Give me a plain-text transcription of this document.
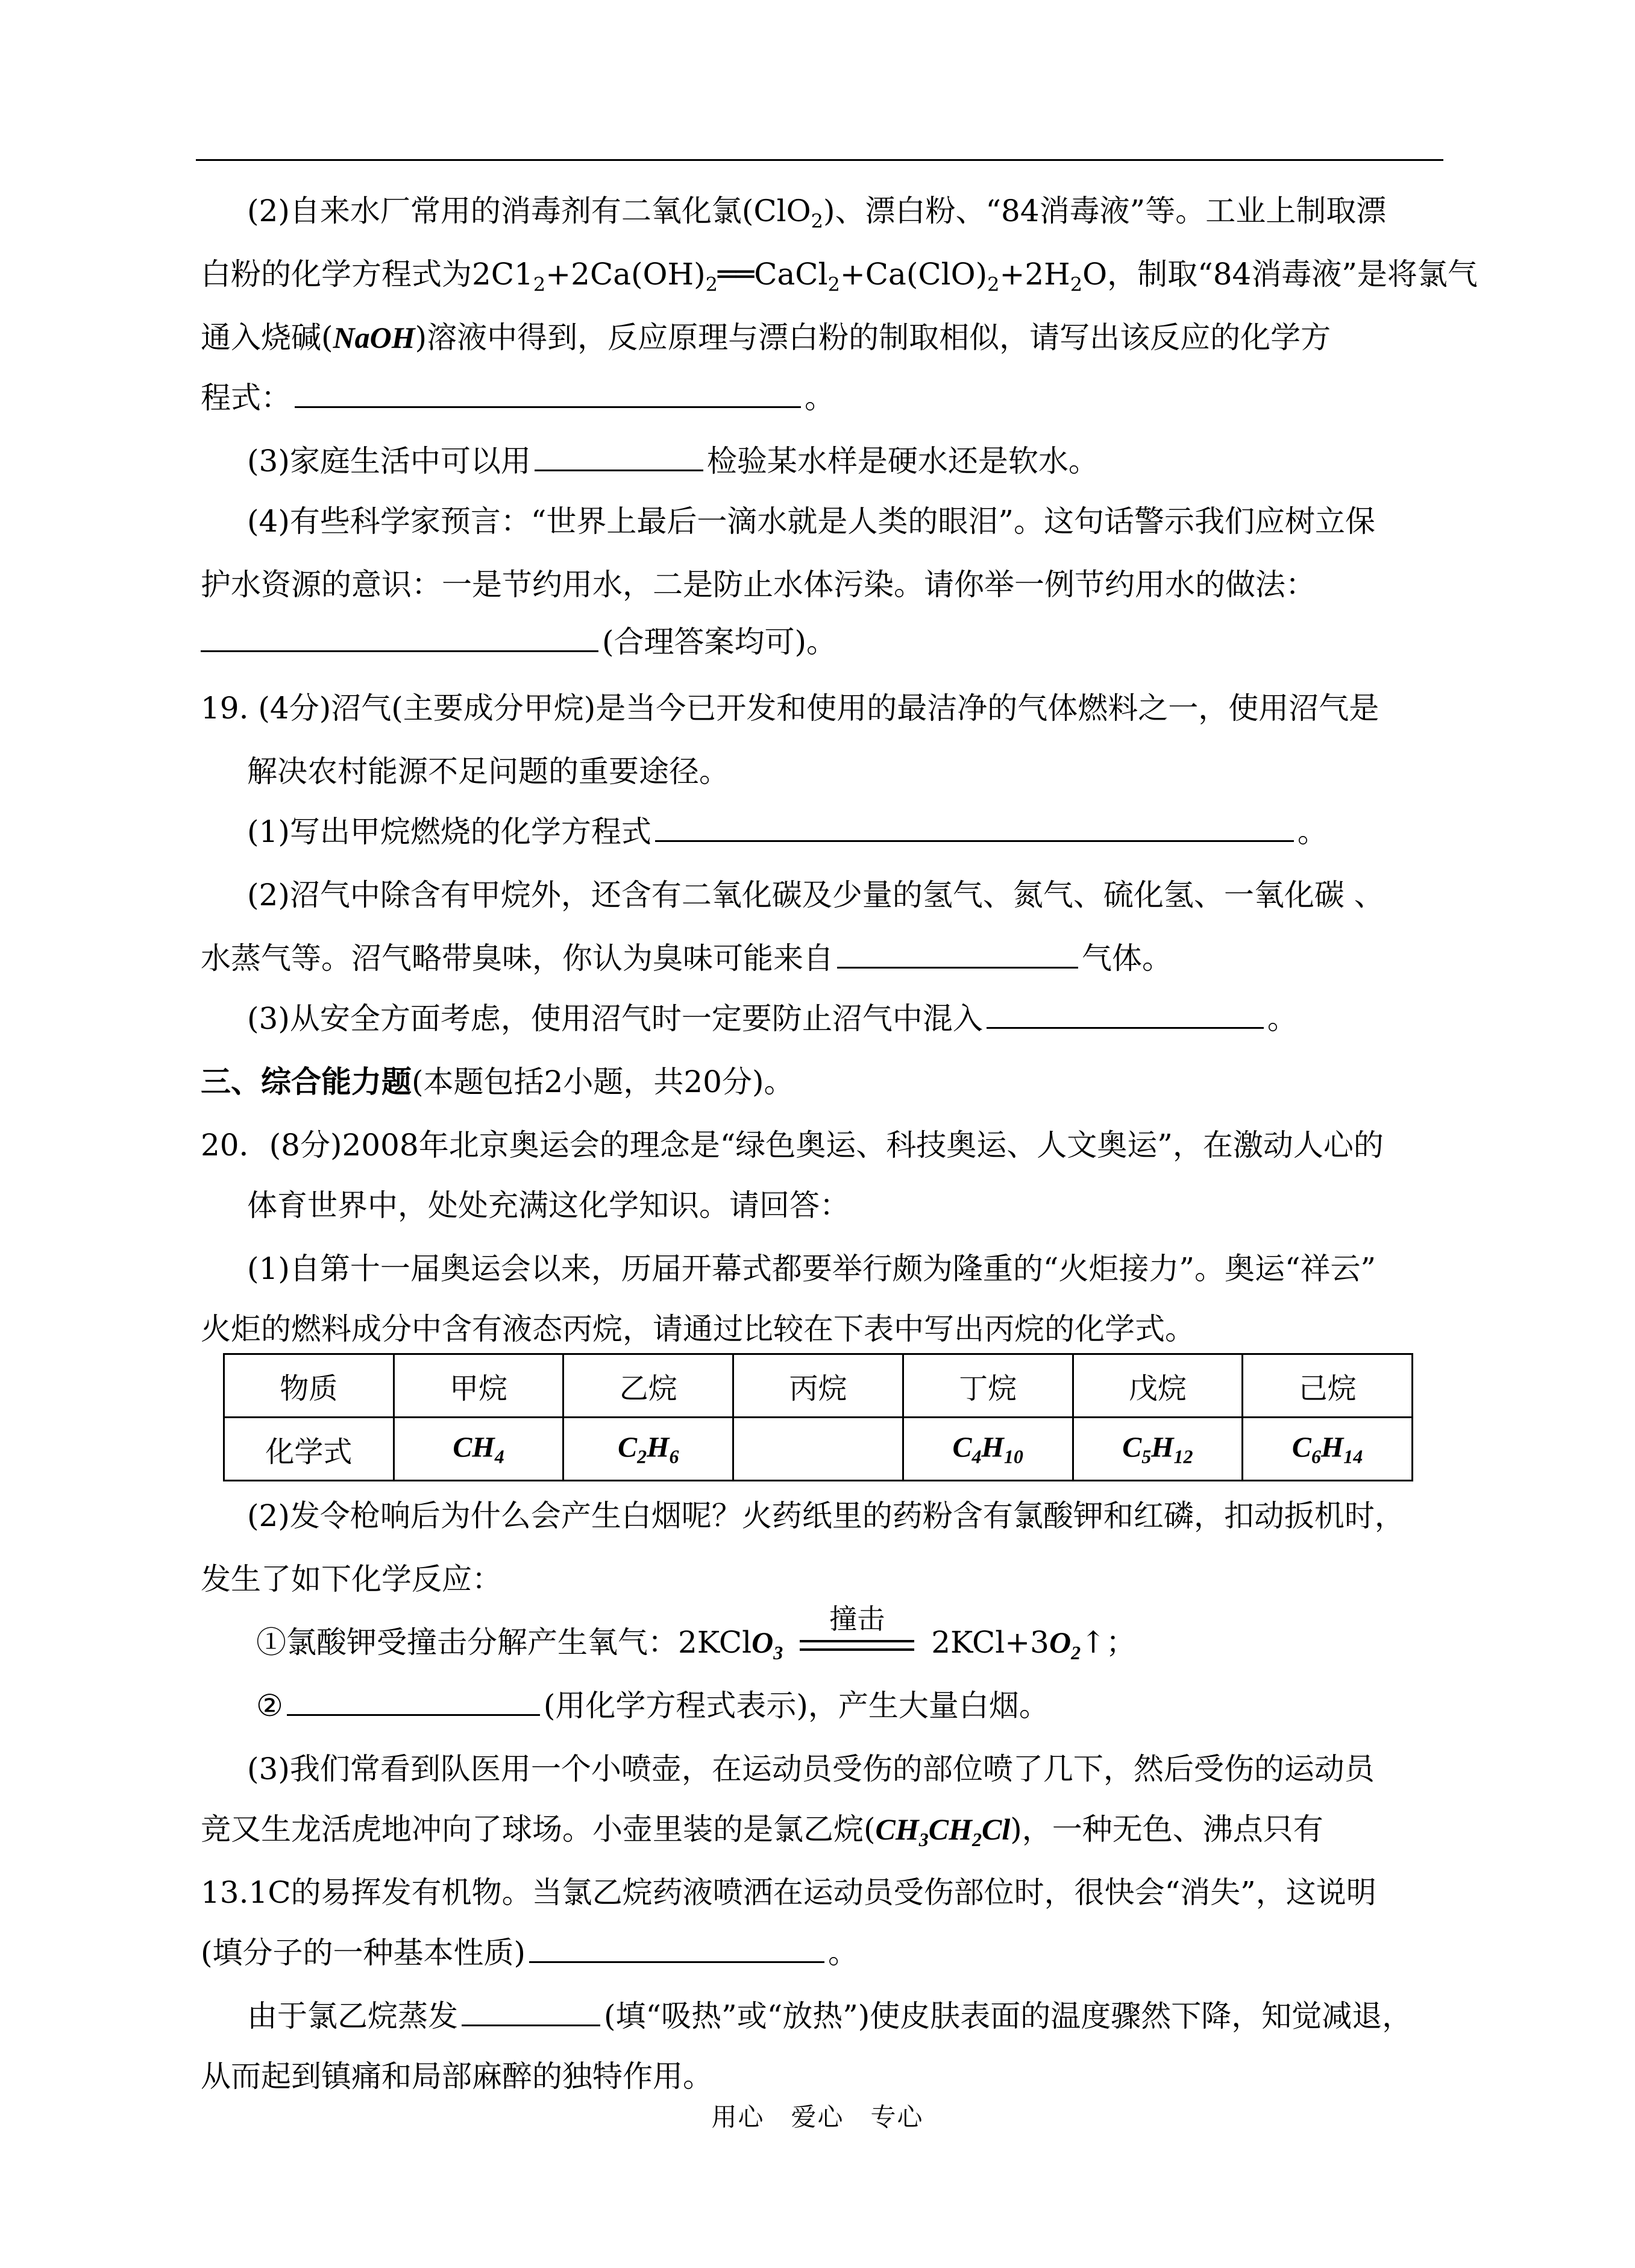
(2)自来水厂常用的消毒剂有二氧化氯(ClO$_2$)、漂白粉、“84消毒液”等。工业上制取漂
白粉的化学方程式为$2C1_2+2Ca(OH)_2══CaCl_2+Ca(ClO)_2+2H_2O$，制取“84消毒液”是将氯气
通入烧碱(NaOH)溶液中得到，反应原理与漂白粉的制取相似，请写出该反应的化学方
程式：	。
(3)家庭生活中可以用	检验某水样是硬水还是软水。
(4)有些科学家预言：“世界上最后一滴水就是人类的眼泪”。这句话警示我们应树立保
护水资源的意识：一是节约用水，二是防止水体污染。请你举一例节约用水的做法：
(合理答案均可)。
19. (4分)沼气(主要成分甲烷)是当今已开发和使用的最洁净的气体燃料之一，使用沼气是
解决农村能源不足问题的重要途径。
(1)写出甲烷燃烧的化学方程式	。
(2)沼气中除含有甲烷外，还含有二氧化碳及少量的氢气、氮气、硫化氢、一氧化碳 、
水蒸气等。沼气略带臭味，你认为臭味可能来自	气体。
(3)从安全方面考虑，使用沼气时一定要防止沼气中混入	。
三、综合能力题(本题包括2小题，共20分)。
20．(8分)2008年北京奥运会的理念是“绿色奥运、科技奥运、人文奥运”，在激动人心的
体育世界中，处处充满这化学知识。请回答：
(1)自第十一届奥运会以来，历届开幕式都要举行颇为隆重的“火炬接力”。奥运“祥云”
火炬的燃料成分中含有液态丙烷，请通过比较在下表中写出丙烷的化学式。
物质	甲烷	乙烷	丙烷	丁烷	戊烷	己烷
化学式	$CH_4$	$C_2H_6$		$C_4H_{10}$	$C_5H_{12}$	$C_6H_{14}$
(2)发令枪响后为什么会产生白烟呢？火药纸里的药粉含有氯酸钾和红磷，扣动扳机时，
发生了如下化学反应：
①氯酸钾受撞击分解产生氧气：2KClO$_3$
撞击
$2KCl+3O_2↑$；
②	(用化学方程式表示)，产生大量白烟。
(3)我们常看到队医用一个小喷壶，在运动员受伤的部位喷了几下，然后受伤的运动员
竞又生龙活虎地冲向了球场。小壶里装的是氯乙烷$(CH_3CH_2Cl)$，一种无色、沸点只有
13.1C的易挥发有机物。当氯乙烷药液喷洒在运动员受伤部位时，很快会“消失”，这说明
(填分子的一种基本性质)	。
由于氯乙烷蒸发	(填“吸热”或“放热”)使皮肤表面的温度骤然下降，知觉减退，
从而起到镇痛和局部麻醉的独特作用。
用心　爱心　专心
